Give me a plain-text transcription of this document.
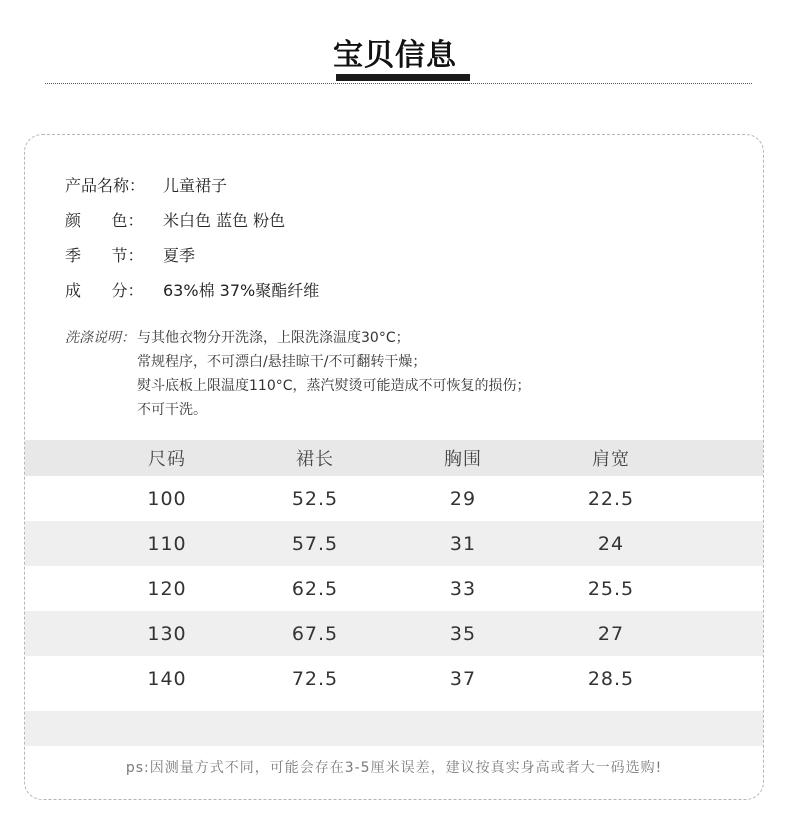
宝贝信息
产品名称：	儿童裙子
颜      色：	米白色 蓝色 粉色
季      节：	夏季
成      分：	63%棉 37%聚酯纤维
洗涤说明： 与其他衣物分开洗涤，上限洗涤温度30°C；
常规程序，不可漂白/悬挂晾干/不可翻转干燥；
熨斗底板上限温度110°C，蒸汽熨烫可能造成不可恢复的损伤；
不可干洗。
尺码	裙长	胸围	肩宽
100	52.5	29	22.5
110	57.5	31	24
120	62.5	33	25.5
130	67.5	35	27
140	72.5	37	28.5
ps:因测量方式不同，可能会存在3-5厘米误差，建议按真实身高或者大一码选购!
